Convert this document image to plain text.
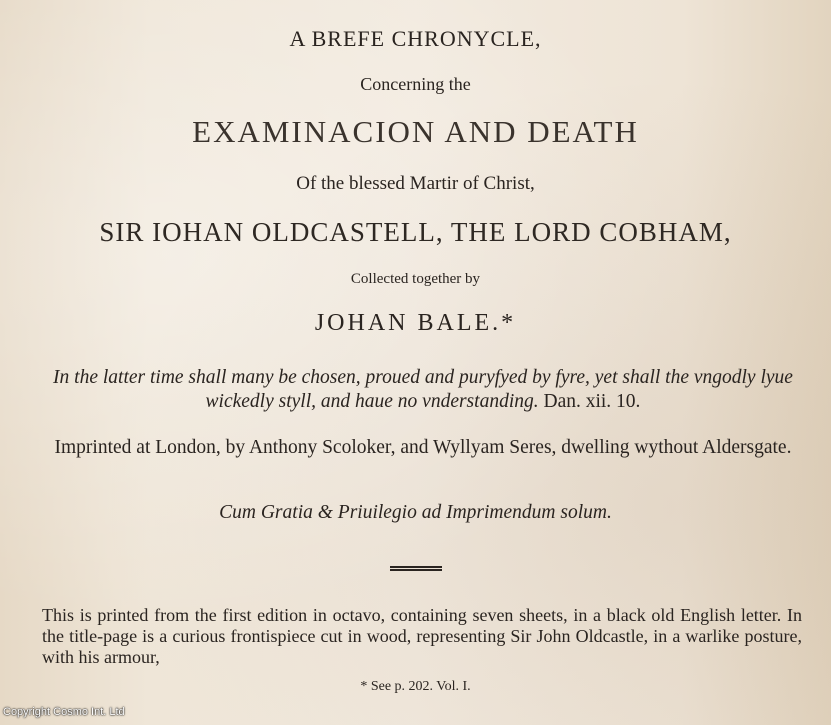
A BREFE CHRONYCLE,

Concerning the

EXAMINACION AND DEATH

Of the blessed Martir of Christ,

SIR IOHAN OLDCASTELL, THE LORD COBHAM,

Collected together by

JOHAN BALE.*

In the latter time shall many be chosen, proued and puryfyed by fyre, yet shall the vngodly lyue wickedly styll, and haue no vnderstanding. Dan. xii. 10.

Imprinted at London, by Anthony Scoloker, and Wyllyam Seres, dwelling wythout Aldersgate.

Cum Gratia & Priuilegio ad Imprimendum solum.

This is printed from the first edition in octavo, containing seven sheets, in a black old English letter. In the title-page is a curious frontispiece cut in wood, representing Sir John Oldcastle, in a warlike posture, with his armour,

* See p. 202. Vol. I.

Copyright Cosmo Int. Ltd
